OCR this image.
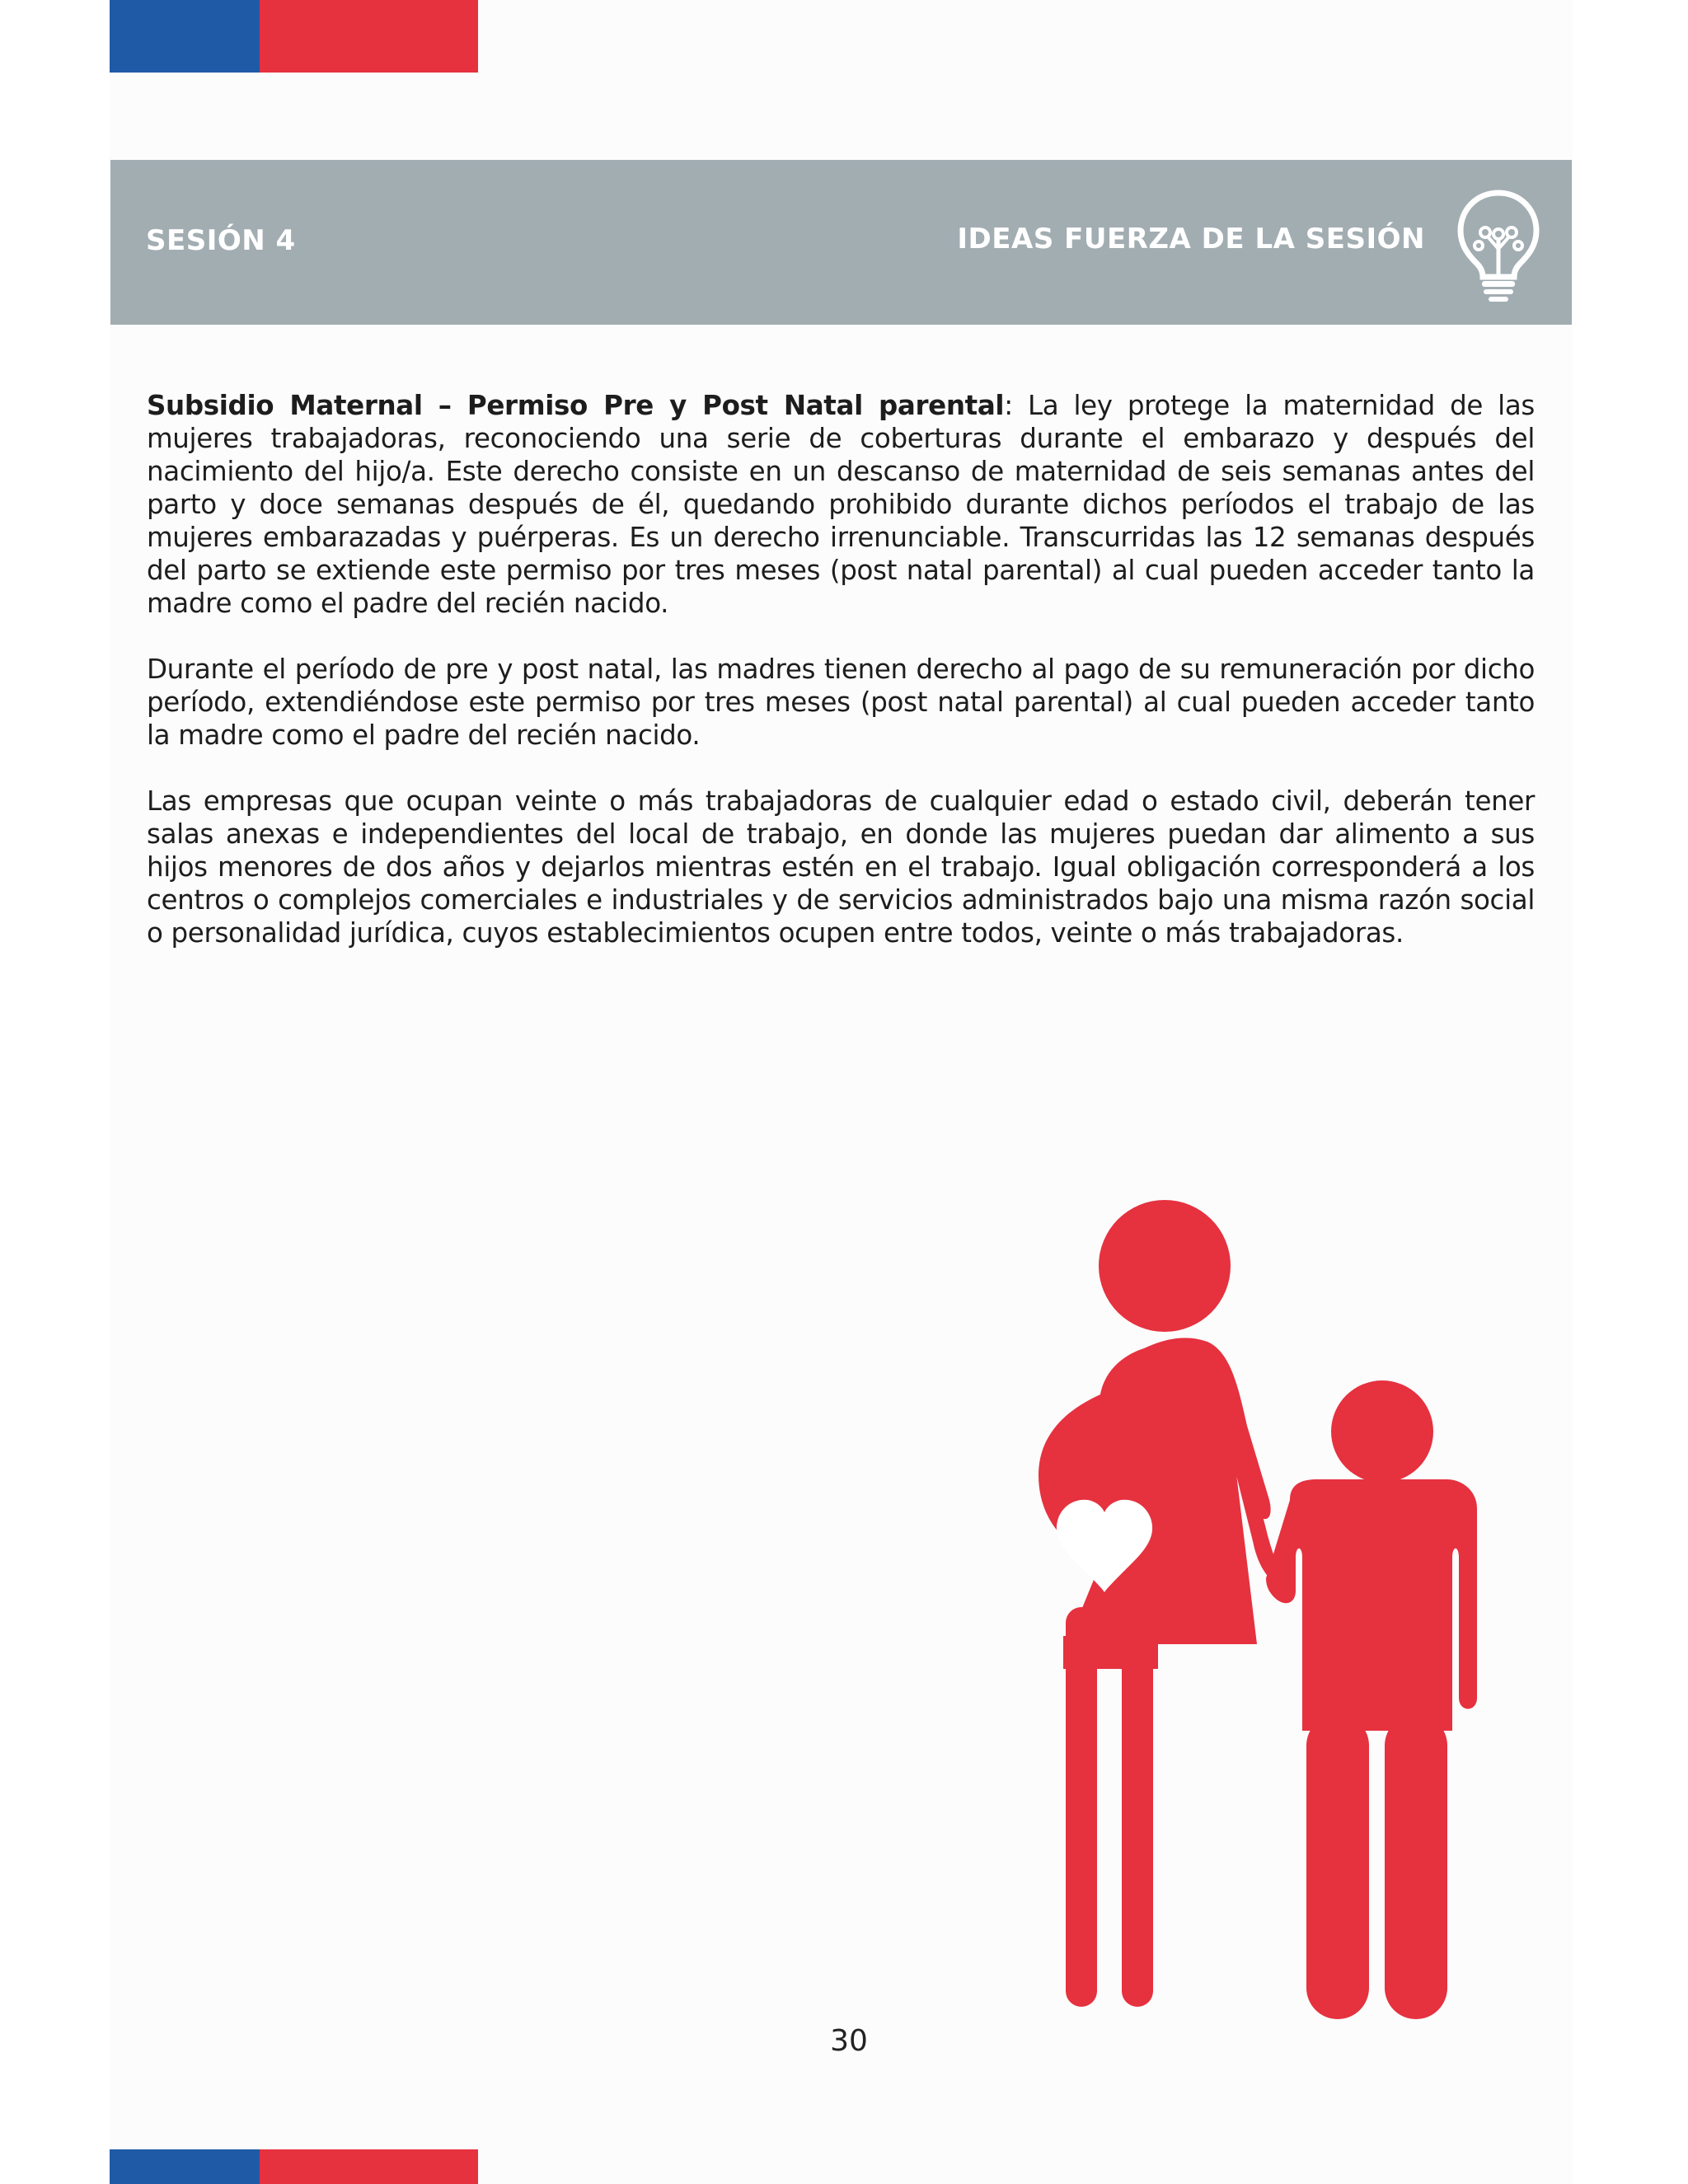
SESIÓN 4	IDEAS FUERZA DE LA SESIÓN

Subsidio Maternal – Permiso Pre y Post Natal parental: La ley protege la maternidad de las mujeres trabajadoras, reconociendo una serie de coberturas durante el embarazo y después del nacimiento del hijo/a. Este derecho consiste en un descanso de maternidad de seis semanas antes del parto y doce semanas después de él, quedando prohibido durante dichos períodos el trabajo de las mujeres embarazadas y puérperas. Es un derecho irrenunciable. Transcurridas las 12 semanas después del parto se extiende este permiso por tres meses (post natal parental) al cual pueden acceder tanto la madre como el padre del recién nacido.

Durante el período de pre y post natal, las madres tienen derecho al pago de su remuneración por dicho período, extendiéndose este permiso por tres meses (post natal parental) al cual pueden acceder tanto la madre como el padre del recién nacido.

Las empresas que ocupan veinte o más trabajadoras de cualquier edad o estado civil, deberán tener salas anexas e independientes del local de trabajo, en donde las mujeres puedan dar alimento a sus hijos menores de dos años y dejarlos mientras estén en el trabajo. Igual obligación corresponderá a los centros o complejos comerciales e industriales y de servicios administrados bajo una misma razón social o personalidad jurídica, cuyos establecimientos ocupen entre todos, veinte o más trabajadoras.

30
